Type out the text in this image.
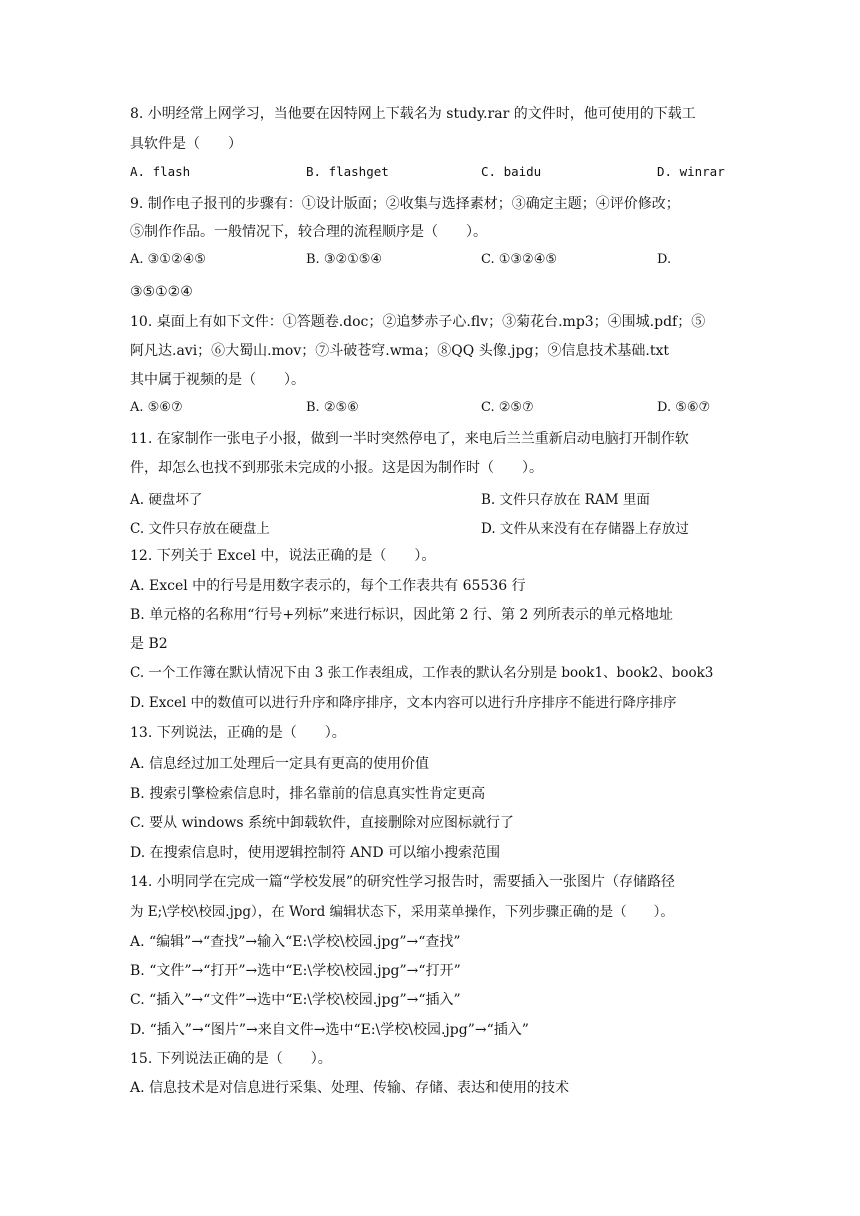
8. 小明经常上网学习，当他要在因特网上下载名为 study.rar 的文件时，他可使用的下载工
具软件是（　　）
A. flash	B. flashget	C. baidu	D. winrar
9. 制作电子报刊的步骤有：①设计版面；②收集与选择素材；③确定主题；④评价修改；
⑤制作作品。一般情况下，较合理的流程顺序是（　　）。
A. ③①②④⑤	B. ③②①⑤④	C. ①③②④⑤	D.
③⑤①②④
10. 桌面上有如下文件：①答题卷.doc；②追梦赤子心.flv；③菊花台.mp3；④围城.pdf；⑤
阿凡达.avi；⑥大蜀山.mov；⑦斗破苍穹.wma；⑧QQ 头像.jpg；⑨信息技术基础.txt
其中属于视频的是（　　）。
A. ⑤⑥⑦	B. ②⑤⑥	C. ②⑤⑦	D. ⑤⑥⑦
11. 在家制作一张电子小报，做到一半时突然停电了，来电后兰兰重新启动电脑打开制作软
件，却怎么也找不到那张未完成的小报。这是因为制作时（　　）。
A. 硬盘坏了	B. 文件只存放在 RAM 里面
C. 文件只存放在硬盘上	D. 文件从来没有在存储器上存放过
12. 下列关于 Excel 中，说法正确的是（　　）。
A. Excel 中的行号是用数字表示的，每个工作表共有 65536 行
B. 单元格的名称用“行号+列标”来进行标识，因此第 2 行、第 2 列所表示的单元格地址
是 B2
C. 一个工作簿在默认情况下由 3 张工作表组成，工作表的默认名分别是 book1、book2、book3
D. Excel 中的数值可以进行升序和降序排序，文本内容可以进行升序排序不能进行降序排序
13. 下列说法，正确的是（　　）。
A. 信息经过加工处理后一定具有更高的使用价值
B. 搜索引擎检索信息时，排名靠前的信息真实性肯定更高
C. 要从 windows 系统中卸载软件，直接删除对应图标就行了
D. 在搜索信息时，使用逻辑控制符 AND 可以缩小搜索范围
14. 小明同学在完成一篇“学校发展”的研究性学习报告时，需要插入一张图片（存储路径
为 E;\学校\校园.jpg），在 Word 编辑状态下，采用菜单操作，下列步骤正确的是（　　）。
A. “编辑”→“查找”→输入“E:\学校\校园.jpg”→“查找”
B. “文件”→“打开”→选中“E:\学校\校园.jpg”→“打开”
C. “插入”→“文件”→选中“E:\学校\校园.jpg”→“插入”
D. “插入”→“图片”→来自文件→选中“E:\学校\校园.jpg”→“插入”
15. 下列说法正确的是（　　）。
A. 信息技术是对信息进行采集、处理、传输、存储、表达和使用的技术
